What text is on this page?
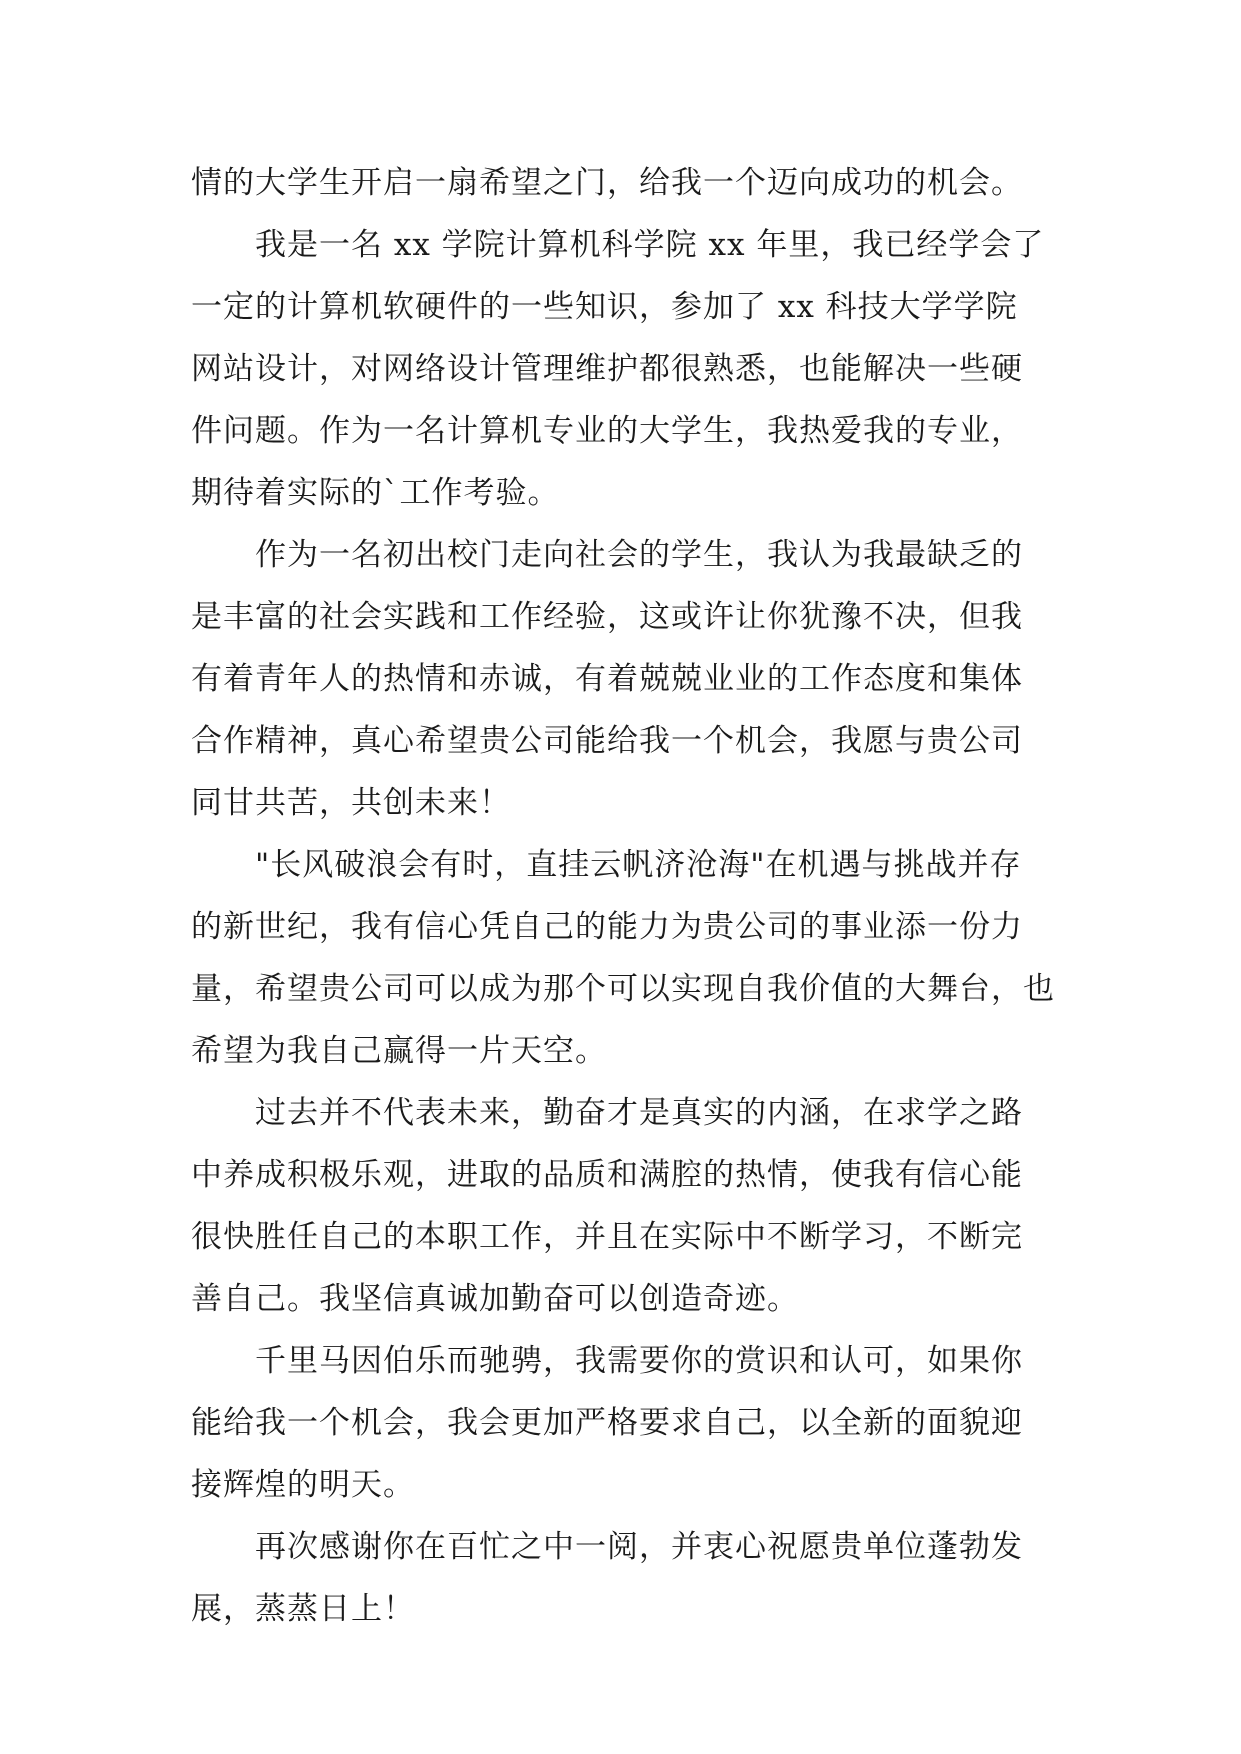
情的大学生开启一扇希望之门，给我一个迈向成功的机会。
我是一名 xx 学院计算机科学院 xx 年里，我已经学会了
一定的计算机软硬件的一些知识，参加了 xx 科技大学学院
网站设计，对网络设计管理维护都很熟悉，也能解决一些硬
件问题。作为一名计算机专业的大学生，我热爱我的专业，
期待着实际的`工作考验。
作为一名初出校门走向社会的学生，我认为我最缺乏的
是丰富的社会实践和工作经验，这或许让你犹豫不决，但我
有着青年人的热情和赤诚，有着兢兢业业的工作态度和集体
合作精神，真心希望贵公司能给我一个机会，我愿与贵公司
同甘共苦，共创未来！
"长风破浪会有时，直挂云帆济沧海"在机遇与挑战并存
的新世纪，我有信心凭自己的能力为贵公司的事业添一份力
量，希望贵公司可以成为那个可以实现自我价值的大舞台，也
希望为我自己赢得一片天空。
过去并不代表未来，勤奋才是真实的内涵，在求学之路
中养成积极乐观，进取的品质和满腔的热情，使我有信心能
很快胜任自己的本职工作，并且在实际中不断学习，不断完
善自己。我坚信真诚加勤奋可以创造奇迹。
千里马因伯乐而驰骋，我需要你的赏识和认可，如果你
能给我一个机会，我会更加严格要求自己，以全新的面貌迎
接辉煌的明天。
再次感谢你在百忙之中一阅，并衷心祝愿贵单位蓬勃发
展，蒸蒸日上！
